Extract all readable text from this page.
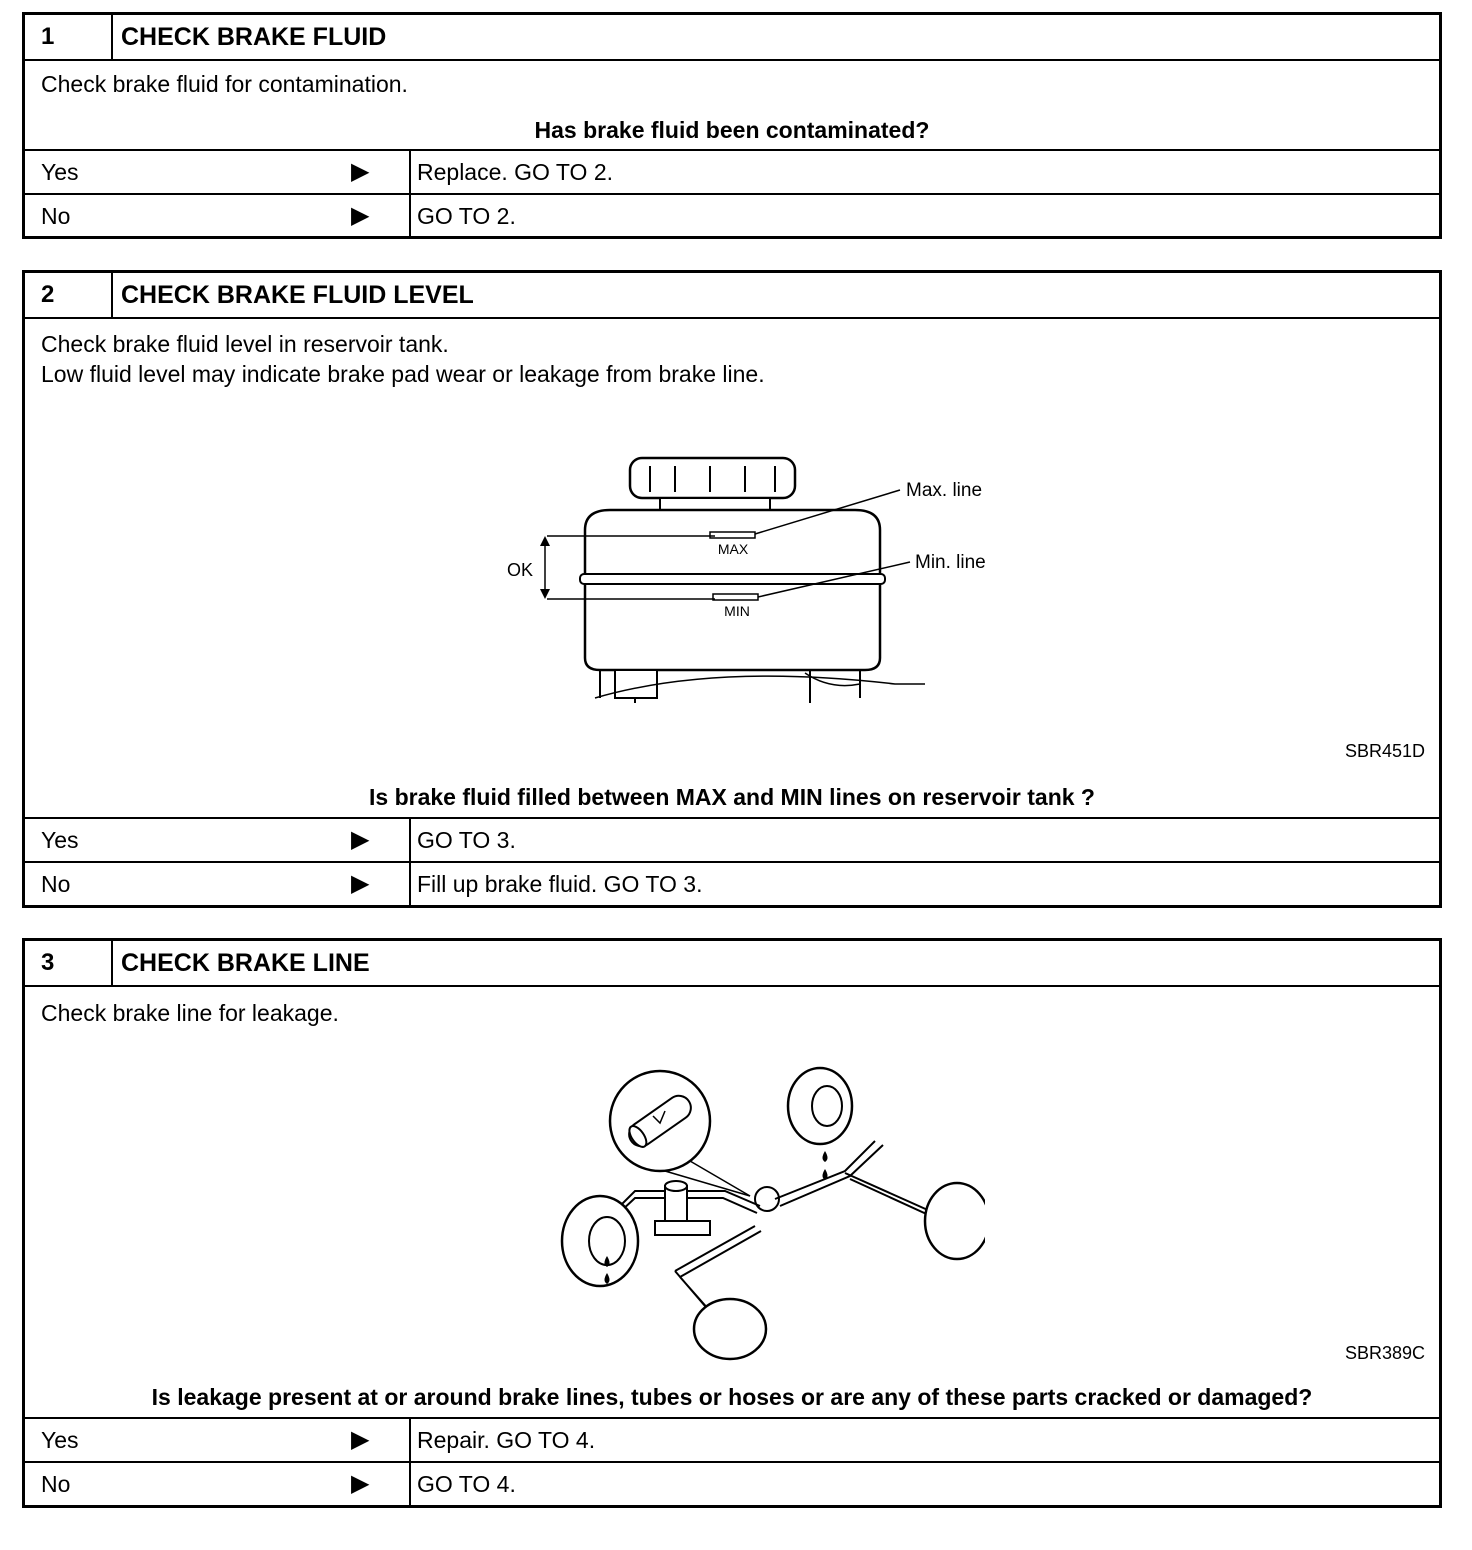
1	CHECK BRAKE FLUID
Check brake fluid for contamination.
Has brake fluid been contaminated?
Yes	▶ Replace. GO TO 2.
No	▶ GO TO 2.
2	CHECK BRAKE FLUID LEVEL
Check brake fluid level in reservoir tank.
Low fluid level may indicate brake pad wear or leakage from brake line.
MAX
MIN
OK
Max. line
Min. line
SBR451D
Is brake fluid filled between MAX and MIN lines on reservoir tank ?
Yes	▶ GO TO 3.
No	▶ Fill up brake fluid. GO TO 3.
3	CHECK BRAKE LINE
Check brake line for leakage.
SBR389C
Is leakage present at or around brake lines, tubes or hoses or are any of these parts cracked or damaged?
Yes	▶ Repair. GO TO 4.
No	▶ GO TO 4.
